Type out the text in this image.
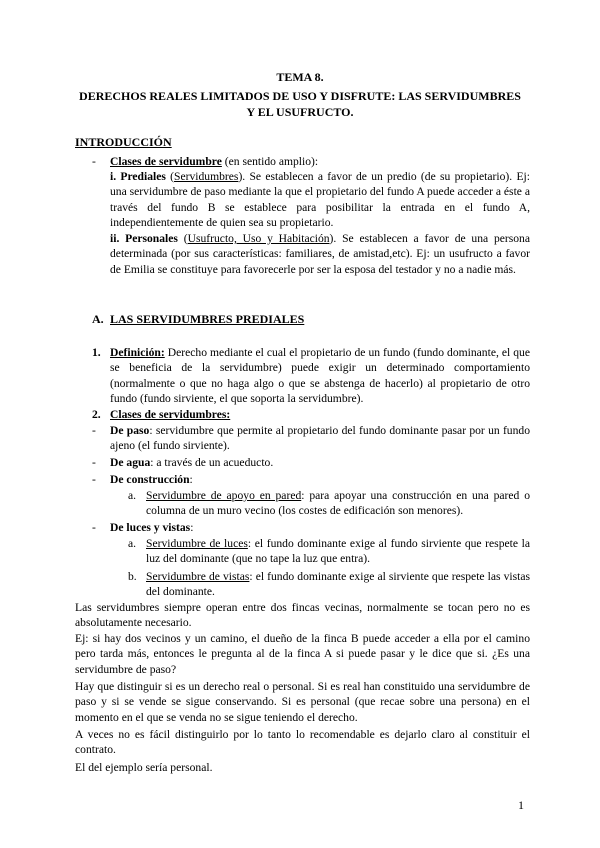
TEMA 8.
DERECHOS REALES LIMITADOS DE USO Y DISFRUTE: LAS SERVIDUMBRES
Y EL USUFRUCTO.
INTRODUCCIÓN
- Clases de servidumbre (en sentido amplio):
i. Prediales (Servidumbres). Se establecen a favor de un predio (de su propietario). Ej: una servidumbre de paso mediante la que el propietario del fundo A puede acceder a éste a través del fundo B se establece para posibilitar la entrada en el fundo A, independientemente de quien sea su propietario.
ii. Personales (Usufructo, Uso y Habitación). Se establecen a favor de una persona determinada (por sus características: familiares, de amistad,etc). Ej: un usufructo a favor de Emilia se constituye para favorecerle por ser la esposa del testador y no a nadie más.
A. LAS SERVIDUMBRES PREDIALES
1. Definición: Derecho mediante el cual el propietario de un fundo (fundo dominante, el que se beneficia de la servidumbre) puede exigir un determinado comportamiento (normalmente o que no haga algo o que se abstenga de hacerlo) al propietario de otro fundo (fundo sirviente, el que soporta la servidumbre).
2. Clases de servidumbres:
- De paso: servidumbre que permite al propietario del fundo dominante pasar por un fundo ajeno (el fundo sirviente).
- De agua: a través de un acueducto.
- De construcción:
a. Servidumbre de apoyo en pared: para apoyar una construcción en una pared o columna de un muro vecino (los costes de edificación son menores).
- De luces y vistas:
a. Servidumbre de luces: el fundo dominante exige al fundo sirviente que respete la luz del dominante (que no tape la luz que entra).
b. Servidumbre de vistas: el fundo dominante exige al sirviente que respete las vistas del dominante.
Las servidumbres siempre operan entre dos fincas vecinas, normalmente se tocan pero no es absolutamente necesario.
Ej: si hay dos vecinos y un camino, el dueño de la finca B puede acceder a ella por el camino pero tarda más, entonces le pregunta al de la finca A si puede pasar y le dice que si. ¿Es una servidumbre de paso?
Hay que distinguir si es un derecho real o personal. Si es real han constituido una servidumbre de paso y si se vende se sigue conservando. Si es personal (que recae sobre una persona) en el momento en el que se venda no se sigue teniendo el derecho.
A veces no es fácil distinguirlo por lo tanto lo recomendable es dejarlo claro al constituir el contrato.
El del ejemplo sería personal.
1
